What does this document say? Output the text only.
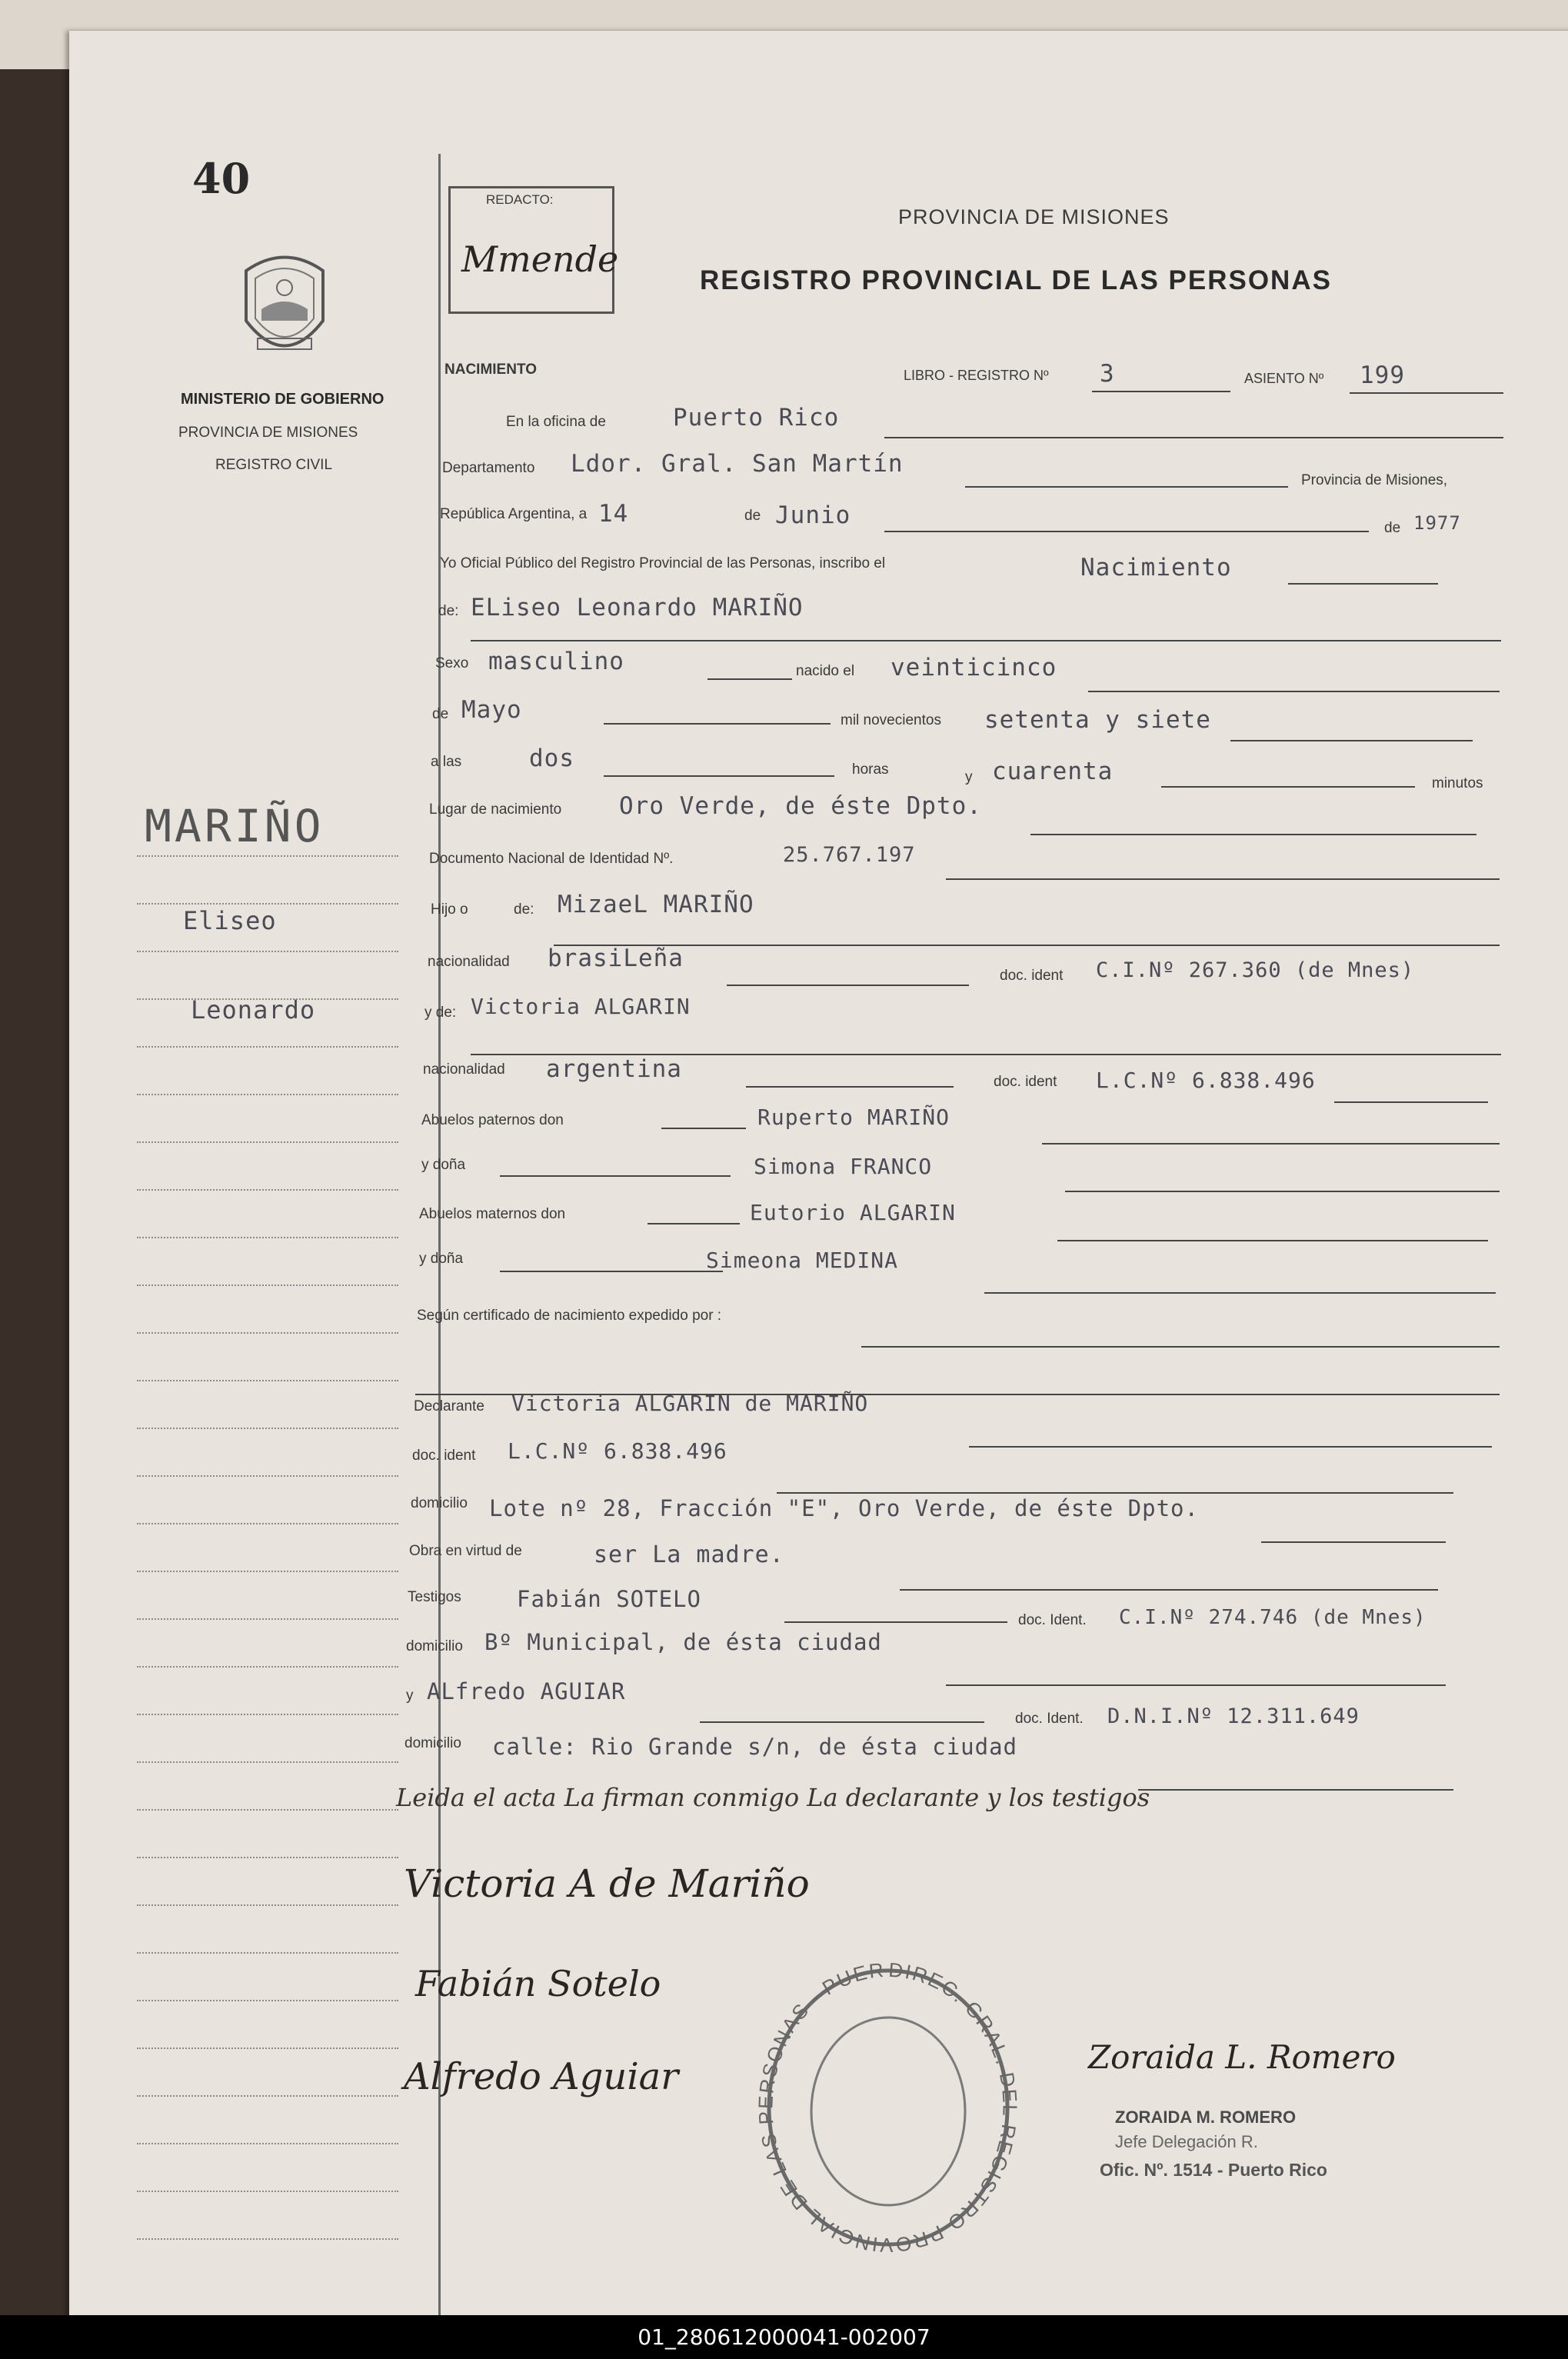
40
MINISTERIO DE GOBIERNO
PROVINCIA DE MISIONES
REGISTRO CIVIL
MARIÑO
Eliseo
Leonardo
REDACTO:
Mmende
PROVINCIA DE MISIONES
REGISTRO PROVINCIAL DE LAS PERSONAS
NACIMIENTO	LIBRO - REGISTRO Nº 3	ASIENTO Nº 199
En la oficina de	Puerto Rico
Departamento Ldor. Gral. San Martín
Provincia de Misiones,
República Argentina, a 14	de Junio	de 1977
Yo Oficial Público del Registro Provincial de las Personas, inscribo el	Nacimiento
de: ELiseo Leonardo MARIÑO
Sexo masculino	nacido el veinticinco
de Mayo	mil novecientos setenta y siete
a las	dos	horas	y cuarenta	minutos
Lugar de nacimiento Oro Verde, de éste Dpto.
Documento Nacional de Identidad Nº.	25.767.197
Hijo o	de: MizaeL MARIÑO
nacionalidad brasiLeña
doc. ident C.I.Nº 267.360 (de Mnes)
y de: Victoria ALGARIN
nacionalidad argentina	doc. ident L.C.Nº 6.838.496
Abuelos paternos don	Ruperto MARIÑO
y doña	Simona FRANCO
Abuelos maternos don	Eutorio ALGARIN
y doña	Simeona MEDINA
Según certificado de nacimiento expedido por :
Declarante Victoria ALGARIN de MARIÑO
doc. ident L.C.Nº 6.838.496
domicilio Lote nº 28, Fracción "E", Oro Verde, de éste Dpto.
Obra en virtud de	ser La madre.
Testigos Fabián SOTELO
doc. Ident. C.I.Nº 274.746 (de Mnes)
domicilio Bº Municipal, de ésta ciudad
y ALfredo AGUIAR
doc. Ident. D.N.I.Nº 12.311.649
domicilio calle: Rio Grande s/n, de ésta ciudad
Leida el acta La firman conmigo La declarante y los testigos
Victoria A de Mariño
Fabián Sotelo
Alfredo Aguiar	Zoraida L. Romero
DIREC. GRAL. DEL REGISTRO PROVINCIAL DE LAS PERSONAS - PUER
ZORAIDA M. ROMERO
Jefe Delegación R.
Ofic. Nº. 1514 - Puerto Rico
01_280612000041-002007
